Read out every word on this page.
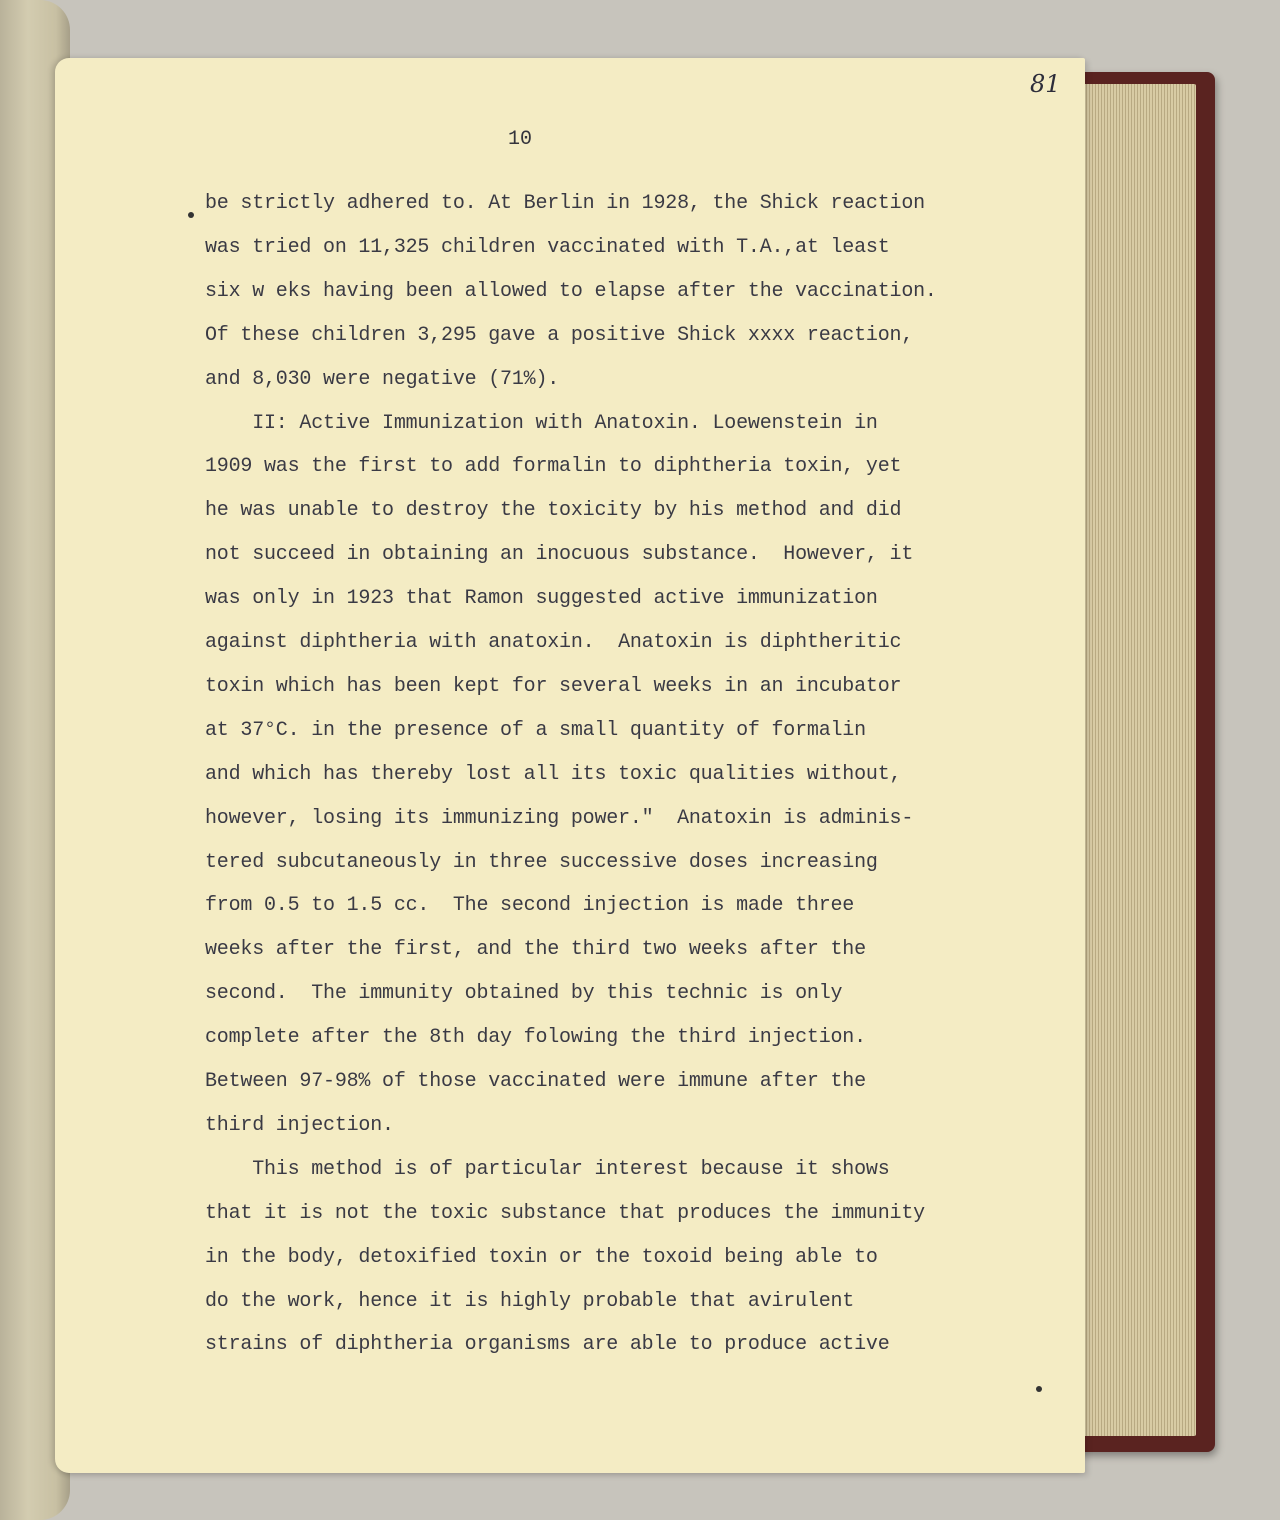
81
10
be strictly adhered to. At Berlin in 1928, the Shick reaction
was tried on 11,325 children vaccinated with T.A.,at least
six w eks having been allowed to elapse after the vaccination.
Of these children 3,295 gave a positive Shick xxxx reaction,
and 8,030 were negative (71%).
II: Active Immunization with Anatoxin. Loewenstein in
1909 was the first to add formalin to diphtheria toxin, yet
he was unable to destroy the toxicity by his method and did
not succeed in obtaining an inocuous substance.  However, it
was only in 1923 that Ramon suggested active immunization
against diphtheria with anatoxin.  Anatoxin is diphtheritic
toxin which has been kept for several weeks in an incubator
at 37°C. in the presence of a small quantity of formalin
and which has thereby lost all its toxic qualities without,
however, losing its immunizing power."  Anatoxin is adminis-
tered subcutaneously in three successive doses increasing
from 0.5 to 1.5 cc.  The second injection is made three
weeks after the first, and the third two weeks after the
second.  The immunity obtained by this technic is only
complete after the 8th day folowing the third injection.
Between 97-98% of those vaccinated were immune after the
third injection.
This method is of particular interest because it shows
that it is not the toxic substance that produces the immunity
in the body, detoxified toxin or the toxoid being able to
do the work, hence it is highly probable that avirulent
strains of diphtheria organisms are able to produce active
